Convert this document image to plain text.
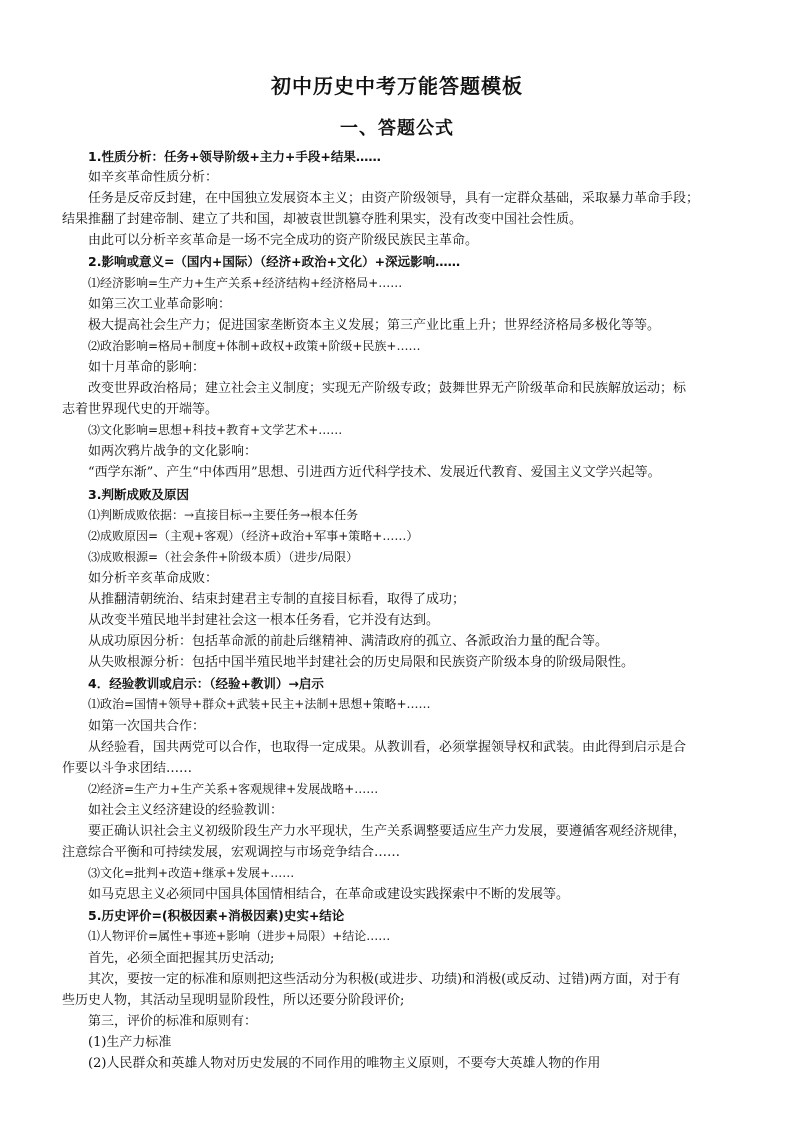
初中历史中考万能答题模板
一、答题公式
1.性质分析：任务+领导阶级+主力+手段+结果……
如辛亥革命性质分析：
任务是反帝反封建，在中国独立发展资本主义；由资产阶级领导，具有一定群众基础，采取暴力革命手段；
结果推翻了封建帝制、建立了共和国，却被袁世凯篡夺胜利果实，没有改变中国社会性质。
由此可以分析辛亥革命是一场不完全成功的资产阶级民族民主革命。
2.影响或意义=（国内+国际）（经济+政治+文化）+深远影响……
⑴经济影响=生产力+生产关系+经济结构+经济格局+……
如第三次工业革命影响：
极大提高社会生产力；促进国家垄断资本主义发展；第三产业比重上升；世界经济格局多极化等等。
⑵政治影响=格局+制度+体制+政权+政策+阶级+民族+……
如十月革命的影响：
改变世界政治格局；建立社会主义制度；实现无产阶级专政；鼓舞世界无产阶级革命和民族解放运动；标
志着世界现代史的开端等。
⑶文化影响=思想+科技+教育+文学艺术+……
如两次鸦片战争的文化影响：
“西学东渐”、产生“中体西用”思想、引进西方近代科学技术、发展近代教育、爱国主义文学兴起等。
3.判断成败及原因
⑴判断成败依据：→直接目标→主要任务→根本任务
⑵成败原因=（主观+客观）（经济+政治+军事+策略+……）
⑶成败根源=（社会条件+阶级本质）（进步/局限）
如分析辛亥革命成败：
从推翻清朝统治、结束封建君主专制的直接目标看，取得了成功；
从改变半殖民地半封建社会这一根本任务看，它并没有达到。
从成功原因分析：包括革命派的前赴后继精神、满清政府的孤立、各派政治力量的配合等。
从失败根源分析：包括中国半殖民地半封建社会的历史局限和民族资产阶级本身的阶级局限性。
4．经验教训或启示：（经验+教训）→启示
⑴政治=国情+领导+群众+武装+民主+法制+思想+策略+……
如第一次国共合作：
从经验看，国共两党可以合作，也取得一定成果。从教训看，必须掌握领导权和武装。由此得到启示是合
作要以斗争求团结……
⑵经济=生产力+生产关系+客观规律+发展战略+……
如社会主义经济建设的经验教训：
要正确认识社会主义初级阶段生产力水平现状，生产关系调整要适应生产力发展，要遵循客观经济规律，
注意综合平衡和可持续发展，宏观调控与市场竞争结合……
⑶文化=批判+改造+继承+发展+……
如马克思主义必须同中国具体国情相结合，在革命或建设实践探索中不断的发展等。
5.历史评价=(积极因素+消极因素)史实+结论
⑴人物评价=属性+事迹+影响（进步+局限）+结论……
首先，必须全面把握其历史活动;
其次，要按一定的标准和原则把这些活动分为积极(或进步、功绩)和消极(或反动、过错)两方面，对于有
些历史人物，其活动呈现明显阶段性，所以还要分阶段评价;
第三，评价的标准和原则有：
(1)生产力标准
(2)人民群众和英雄人物对历史发展的不同作用的唯物主义原则，不要夸大英雄人物的作用
